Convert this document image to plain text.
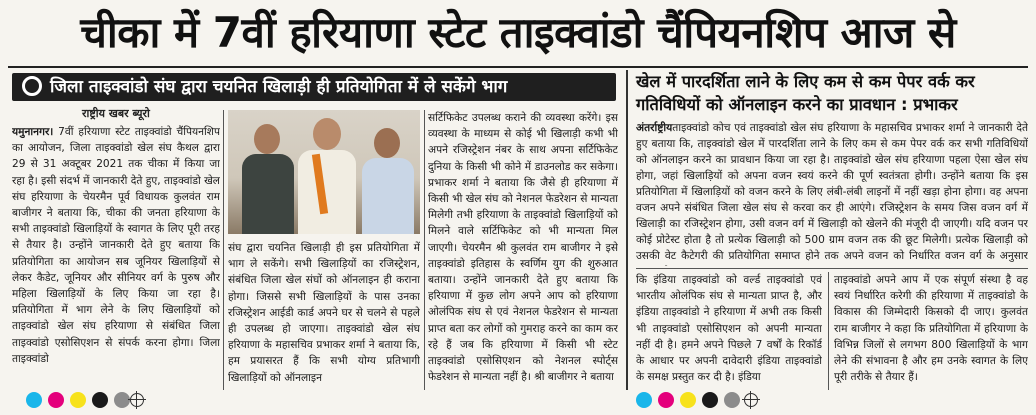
चीका में 7वीं हरियाणा स्टेट ताइक्वांडो चैंपियनशिप आज से
जिला ताइक्वांडो संघ द्वारा चयनित खिलाड़ी ही प्रतियोगिता में ले सकेंगे भाग
राष्ट्रीय खबर ब्यूरो

यमुनानगर। 7वीं हरियाणा स्टेट ताइक्वांडो चैंपियनशिप का आयोजन, जिला ताइक्वांडो खेल संघ कैथल द्वारा 29 से 31 अक्टूबर 2021 तक चीका में किया जा रहा है। इसी संदर्भ में जानकारी देते हुए, ताइक्वांडो खेल संघ हरियाणा के चेयरमैन पूर्व विधायक कुलवंत राम बाजीगर ने बताया कि, चीका की जनता हरियाणा के सभी ताइक्वांडो खिलाड़ियों के स्वागत के लिए पूरी तरह से तैयार है। उन्होंने जानकारी देते हुए बताया कि प्रतियोगिता का आयोजन सब जूनियर खिलाड़ियों से लेकर कैडेट, जूनियर और सीनियर वर्ग के पुरुष और महिला खिलाड़ियों के लिए किया जा रहा है। प्रतियोगिता में भाग लेने के लिए खिलाड़ियों को ताइक्वांडो खेल संघ हरियाणा से संबंधित जिला ताइक्वांडो एसोसिएशन से संपर्क करना होगा। जिला ताइक्वांडो

संघ द्वारा चयनित खिलाड़ी ही इस प्रतियोगिता में भाग ले सकेंगे। सभी खिलाड़ियों का रजिस्ट्रेशन, संबंधित जिला खेल संघों को ऑनलाइन ही कराना होगा। जिससे सभी खिलाड़ियों के पास उनका रजिस्ट्रेशन आईडी कार्ड अपने घर से चलने से पहले ही उपलब्ध हो जाएगा। ताइक्वांडो खेल संघ हरियाणा के महासचिव प्रभाकर शर्मा ने बताया कि, हम प्रयासरत हैं कि सभी योग्य प्रतिभागी खिलाड़ियों को ऑनलाइन

सर्टिफिकेट उपलब्ध कराने की व्यवस्था करेंगे। इस व्यवस्था के माध्यम से कोई भी खिलाड़ी कभी भी अपने रजिस्ट्रेशन नंबर के साथ अपना सर्टिफिकेट दुनिया के किसी भी कोने में डाउनलोड कर सकेगा। प्रभाकर शर्मा ने बताया कि जैसे ही हरियाणा में किसी भी खेल संघ को नेशनल फेडरेशन से मान्यता मिलेगी तभी हरियाणा के ताइक्वांडो खिलाड़ियों को मिलने वाले सर्टिफिकेट को भी मान्यता मिल जाएगी। चेयरमैन श्री कुलवंत राम बाजीगर ने इसे ताइक्वांडो इतिहास के स्वर्णिम युग की शुरुआत बताया। उन्होंने जानकारी देते हुए बताया कि हरियाणा में कुछ लोग अपने आप को हरियाणा ओलंपिक संघ से एवं नेशनल फेडरेशन से मान्यता प्राप्त बता कर लोगों को गुमराह करने का काम कर रहे हैं जब कि हरियाणा में किसी भी स्टेट ताइक्वांडो एसोसिएशन को नेशनल स्पोर्ट्स फेडरेशन से मान्यता नहीं है। श्री बाजीगर ने बताया

खेल में पारदर्शिता लाने के लिए कम से कम पेपर वर्क कर गतिविधियों को ऑनलाइन करने का प्रावधान : प्रभाकर

अंतर्राष्ट्रीयताइक्वांडो कोच एवं ताइक्वांडो खेल संघ हरियाणा के महासचिव प्रभाकर शर्मा ने जानकारी देते हुए बताया कि, ताइक्वांडो खेल में पारदर्शिता लाने के लिए कम से कम पेपर वर्क कर सभी गतिविधियों को ऑनलाइन करने का प्रावधान किया जा रहा है। ताइक्वांडो खेल संघ हरियाणा पहला ऐसा खेल संघ होगा, जहां खिलाड़ियों को अपना वजन स्वयं करने की पूर्ण स्वतंत्रता होगी। उन्होंने बताया कि इस प्रतियोगिता में खिलाड़ियों को वजन करने के लिए लंबी-लंबी लाइनों में नहीं खड़ा होना होगा। वह अपना वजन अपने संबंधित जिला खेल संघ से करवा कर ही आएंगे। रजिस्ट्रेशन के समय जिस वजन वर्ग में खिलाड़ी का रजिस्ट्रेशन होगा, उसी वजन वर्ग में खिलाड़ी को खेलने की मंजूरी दी जाएगी। यदि वजन पर कोई प्रोटेस्ट होता है तो प्रत्येक खिलाड़ी को 500 ग्राम वजन तक की छूट मिलेगी। प्रत्येक खिलाड़ी को उसकी वेट कैटेगरी की प्रतियोगिता समाप्त होने तक अपने वजन को निर्धारित वजन वर्ग के अनुसार

कि इंडिया ताइक्वांडो को वर्ल्ड ताइक्वांडो एवं भारतीय ओलंपिक संघ से मान्यता प्राप्त है, और इंडिया ताइक्वांडो ने हरियाणा में अभी तक किसी भी ताइक्वांडो एसोसिएशन को अपनी मान्यता नहीं दी है। हमने अपने पिछले 7 वर्षों के रिकॉर्ड के आधार पर अपनी दावेदारी इंडिया ताइक्वांडो के समक्ष प्रस्तुत कर दी है। इंडिया

ताइक्वांडो अपने आप में एक संपूर्ण संस्था है वह स्वयं निर्धारित करेगी की हरियाणा में ताइक्वांडो के विकास की जिम्मेदारी किसको दी जाए। कुलवंत राम बाजीगर ने कहा कि प्रतियोगिता में हरियाणा के विभिन्न जिलों से लगभग 800 खिलाड़ियों के भाग लेने की संभावना है और हम उनके स्वागत के लिए पूरी तरीके से तैयार हैं।
